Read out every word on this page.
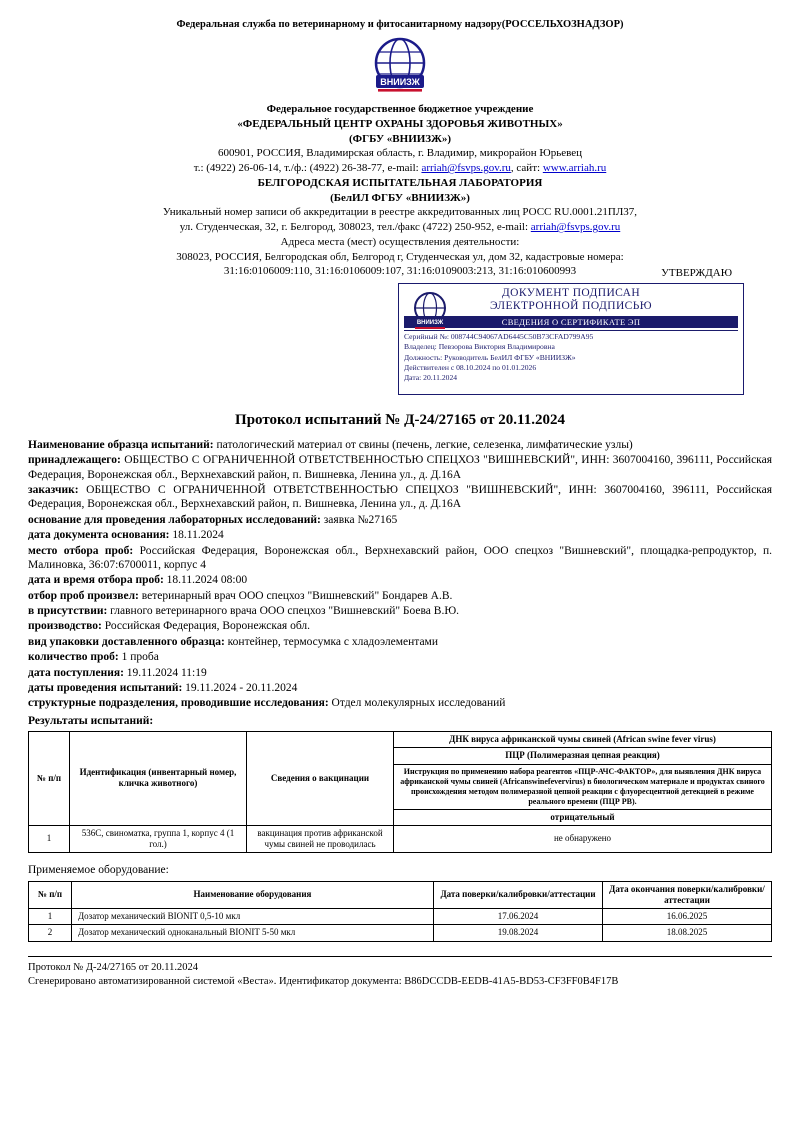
Федеральная служба по ветеринарному и фитосанитарному надзору(РОССЕЛЬХОЗНАДЗОР)
ВНИИЗЖ
Федеральное государственное бюджетное учреждение
«ФЕДЕРАЛЬНЫЙ ЦЕНТР ОХРАНЫ ЗДОРОВЬЯ ЖИВОТНЫХ»
(ФГБУ «ВНИИЗЖ»)
600901, РОССИЯ, Владимирская область, г. Владимир, микрорайон Юрьевец
т.: (4922) 26-06-14, т./ф.: (4922) 26-38-77, e-mail: arriah@fsvps.gov.ru, сайт: www.arriah.ru
БЕЛГОРОДСКАЯ ИСПЫТАТЕЛЬНАЯ ЛАБОРАТОРИЯ
(БелИЛ ФГБУ «ВНИИЗЖ»)
Уникальный номер записи об аккредитации в реестре аккредитованных лиц РОСС RU.0001.21ПЛ37,
ул. Студенческая, 32, г. Белгород, 308023, тел./факс (4722) 250-952, e-mail: arriah@fsvps.gov.ru
Адреса места (мест) осуществления деятельности:
308023, РОССИЯ, Белгородская обл, Белгород г, Студенческая ул, дом 32, кадастровые номера:
31:16:0106009:110, 31:16:0106009:107, 31:16:0109003:213, 31:16:010600993	УТВЕРЖДАЮ
ВНИИЗЖ
ДОКУМЕНТ ПОДПИСАН
ЭЛЕКТРОННОЙ ПОДПИСЬЮ
СВЕДЕНИЯ О СЕРТИФИКАТЕ ЭП
Серийный №: 008744C94067AD6445C50B73CFAD799A95
Владелец: Певзорова Виктория Владимировна
Должность: Руководитель БелИЛ ФГБУ «ВНИИЗЖ»
Действителен с 08.10.2024 по 01.01.2026
Дата: 20.11.2024
Протокол испытаний № Д-24/27165 от 20.11.2024
Наименование образца испытаний: патологический материал от свины (печень, легкие, селезенка, лимфатические узлы)
принадлежащего: ОБЩЕСТВО С ОГРАНИЧЕННОЙ ОТВЕТСТВЕННОСТЬЮ СПЕЦХОЗ "ВИШНЕВСКИЙ", ИНН: 3607004160, 396111, Российская Федерация, Воронежская обл., Верхнехавский район, п. Вишневка, Ленина ул., д. Д.16А
заказчик: ОБЩЕСТВО С ОГРАНИЧЕННОЙ ОТВЕТСТВЕННОСТЬЮ СПЕЦХОЗ "ВИШНЕВСКИЙ", ИНН: 3607004160, 396111, Российская Федерация, Воронежская обл., Верхнехавский район, п. Вишневка, Ленина ул., д. Д.16А
основание для проведения лабораторных исследований: заявка №27165
дата документа основания: 18.11.2024
место отбора проб: Российская Федерация, Воронежская обл., Верхнехавский район, ООО спецхоз "Вишневский", площадка-репродуктор, п. Малиновка, 36:07:6700011, корпус 4
дата и время отбора проб: 18.11.2024 08:00
отбор проб произвел: ветеринарный врач ООО спецхоз "Вишневский" Бондарев А.В.
в присутствии: главного ветеринарного врача ООО спецхоз "Вишневский" Боева В.Ю.
производство: Российская Федерация, Воронежская обл.
вид упаковки доставленного образца: контейнер, термосумка с хладоэлементами
количество проб: 1 проба
дата поступления: 19.11.2024 11:19
даты проведения испытаний: 19.11.2024 - 20.11.2024
структурные подразделения, проводившие исследования: Отдел молекулярных исследований
Результаты испытаний:
№ п/п	Идентификация (инвентарный номер, кличка животного)	Сведения о вакцинации	ДНК вируса африканской чумы свиней (African swine fever virus)
			ПЦР (Полимеразная цепная реакция)
			Инструкция по применению набора реагентов «ПЦР-АЧС-ФАКТОР», для выявления ДНК вируса африканской чумы свиней (Africanswinefevervirus) в биологическом материале и продуктах свиного происхождения методом полимеразной цепной реакции с флуоресцентной детекцией в режиме реального времени (ПЦР РВ).
			отрицательный
1	536С, свиноматка, группа 1, корпус 4 (1 гол.)	вакцинация против африканской чумы свиней не проводилась	не обнаружено
Применяемое оборудование:
№ п/п	Наименование оборудования	Дата поверки/калибровки/аттестации	Дата окончания поверки/калибровки/аттестации
1	Дозатор механический ВIONIT 0,5-10 мкл	17.06.2024	16.06.2025
2	Дозатор механический одноканальный ВIONIT 5-50 мкл	19.08.2024	18.08.2025
Протокол № Д-24/27165 от 20.11.2024
Сгенерировано автоматизированной системой «Веста». Идентификатор документа: B86DCCDB-EEDB-41A5-BD53-CF3FF0B4F17B
